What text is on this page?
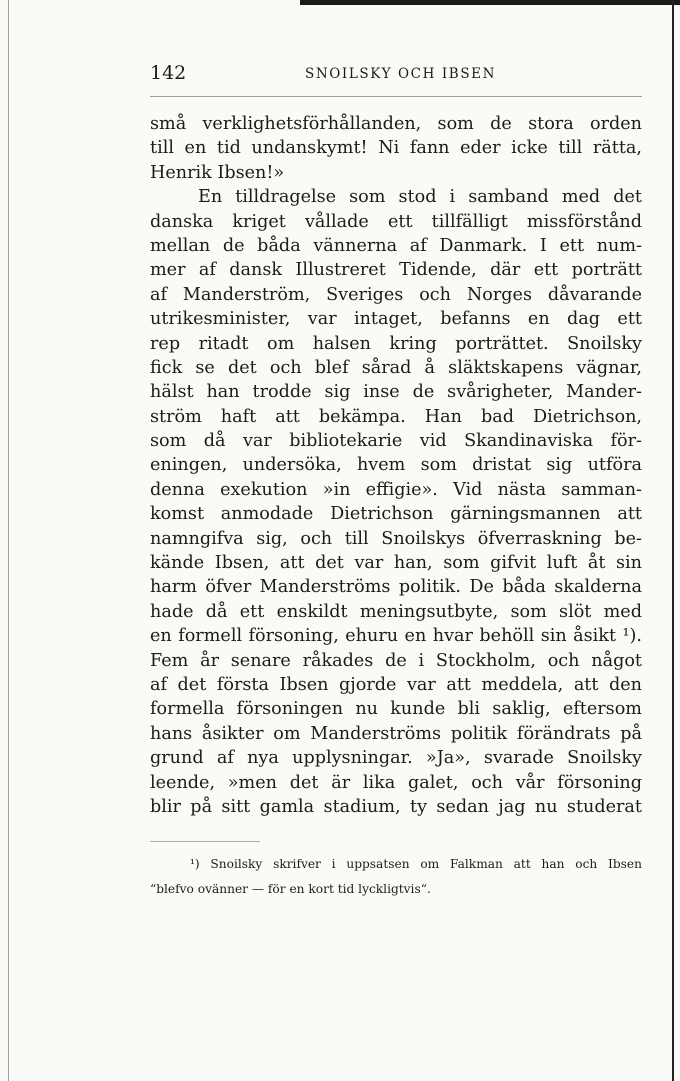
142	SNOILSKY OCH IBSEN
små verklighetsförhållanden, som de stora orden
till en tid undanskymt! Ni fann eder icke till rätta,
Henrik Ibsen!»
En tilldragelse som stod i samband med det
danska kriget vållade ett tillfälligt missförstånd
mellan de båda vännerna af Danmark. I ett num-
mer af dansk Illustreret Tidende, där ett porträtt
af Manderström, Sveriges och Norges dåvarande
utrikesminister, var intaget, befanns en dag ett
rep ritadt om halsen kring porträttet. Snoilsky
fick se det och blef sårad å släktskapens vägnar,
hälst han trodde sig inse de svårigheter, Mander-
ström haft att bekämpa. Han bad Dietrichson,
som då var bibliotekarie vid Skandinaviska för-
eningen, undersöka, hvem som dristat sig utföra
denna exekution »in effigie». Vid nästa samman-
komst anmodade Dietrichson gärningsmannen att
namngifva sig, och till Snoilskys öfverraskning be-
kände Ibsen, att det var han, som gifvit luft åt sin
harm öfver Manderströms politik. De båda skalderna
hade då ett enskildt meningsutbyte, som slöt med
en formell försoning, ehuru en hvar behöll sin åsikt ¹).
Fem år senare råkades de i Stockholm, och något
af det första Ibsen gjorde var att meddela, att den
formella försoningen nu kunde bli saklig, eftersom
hans åsikter om Manderströms politik förändrats på
grund af nya upplysningar. »Ja», svarade Snoilsky
leende, »men det är lika galet, och vår försoning
blir på sitt gamla stadium, ty sedan jag nu studerat
¹) Snoilsky skrifver i uppsatsen om Falkman att han och Ibsen
“blefvo ovänner — för en kort tid lyckligtvis“.
